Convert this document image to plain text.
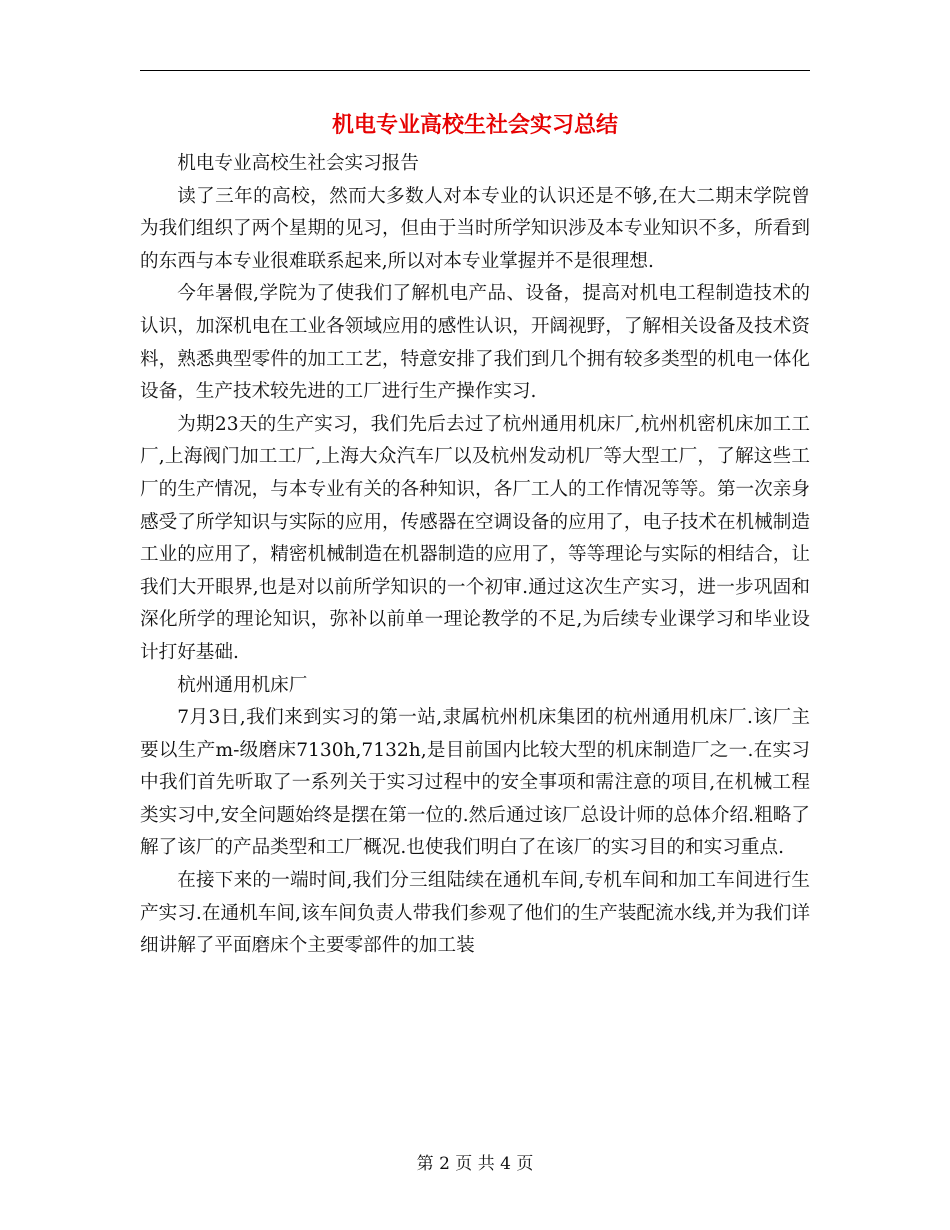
机电专业高校生社会实习总结

机电专业高校生社会实习报告

读了三年的高校，然而大多数人对本专业的认识还是不够,在大二期末学院曾为我们组织了两个星期的见习，但由于当时所学知识涉及本专业知识不多，所看到的东西与本专业很难联系起来,所以对本专业掌握并不是很理想.

今年暑假,学院为了使我们了解机电产品、设备，提高对机电工程制造技术的认识，加深机电在工业各领域应用的感性认识，开阔视野，了解相关设备及技术资料，熟悉典型零件的加工工艺，特意安排了我们到几个拥有较多类型的机电一体化设备，生产技术较先进的工厂进行生产操作实习.

为期23天的生产实习，我们先后去过了杭州通用机床厂,杭州机密机床加工工厂,上海阀门加工工厂,上海大众汽车厂以及杭州发动机厂等大型工厂，了解这些工厂的生产情况，与本专业有关的各种知识，各厂工人的工作情况等等。第一次亲身感受了所学知识与实际的应用，传感器在空调设备的应用了，电子技术在机械制造工业的应用了，精密机械制造在机器制造的应用了，等等理论与实际的相结合，让我们大开眼界,也是对以前所学知识的一个初审.通过这次生产实习，进一步巩固和深化所学的理论知识，弥补以前单一理论教学的不足,为后续专业课学习和毕业设计打好基础.

杭州通用机床厂

7月3日,我们来到实习的第一站,隶属杭州机床集团的杭州通用机床厂.该厂主要以生产m-级磨床7130h,7132h,是目前国内比较大型的机床制造厂之一.在实习中我们首先听取了一系列关于实习过程中的安全事项和需注意的项目,在机械工程类实习中,安全问题始终是摆在第一位的.然后通过该厂总设计师的总体介绍.粗略了解了该厂的产品类型和工厂概况.也使我们明白了在该厂的实习目的和实习重点.

在接下来的一端时间,我们分三组陆续在通机车间,专机车间和加工车间进行生产实习.在通机车间,该车间负责人带我们参观了他们的生产装配流水线,并为我们详细讲解了平面磨床个主要零部件的加工装

第 2 页 共 4 页
